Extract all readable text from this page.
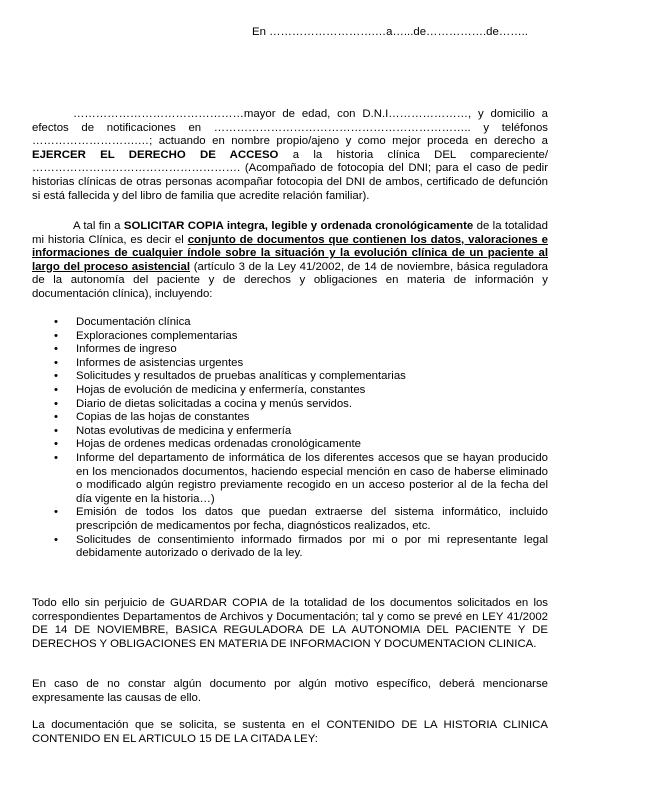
En ……………………….…a…...de…………….de……..
………………………………………mayor de edad, con D.N.I…………………, y domicilio a efectos de notificaciones en ………………………………………………………….. y teléfonos ……………………….…; actuando en nombre propio/ajeno y como mejor proceda en derecho a EJERCER EL DERECHO DE ACCESO a la historia clínica DEL compareciente/ ………………………………………………. (Acompañado de fotocopia del DNI; para el caso de pedir historias clínicas de otras personas acompañar fotocopia del DNI de ambos, certificado de defunción si está fallecida y del libro de familia que acredite relación familiar).
A tal fin a SOLICITAR COPIA integra, legible y ordenada cronológicamente de la totalidad mi historia Clínica, es decir el conjunto de documentos que contienen los datos, valoraciones e informaciones de cualquier índole sobre la situación y la evolución clínica de un paciente al largo del proceso asistencial (artículo 3 de la Ley 41/2002, de 14 de noviembre, básica reguladora de la autonomía del paciente y de derechos y obligaciones en materia de información y documentación clínica), incluyendo:
• Documentación clínica
• Exploraciones complementarias
• Informes de ingreso
• Informes de asistencias urgentes
• Solicitudes y resultados de pruebas analíticas y complementarias
• Hojas de evolución de medicina y enfermería, constantes
• Diario de dietas solicitadas a cocina y menús servidos.
• Copias de las hojas de constantes
• Notas evolutivas de medicina y enfermería
• Hojas de ordenes medicas ordenadas cronológicamente
• Informe del departamento de informática de los diferentes accesos que se hayan producido en los mencionados documentos, haciendo especial mención en caso de haberse eliminado o modificado algún registro previamente recogido en un acceso posterior al de la fecha del día vigente en la historia…)
• Emisión de todos los datos que puedan extraerse del sistema informático, incluido prescripción de medicamentos por fecha, diagnósticos realizados, etc.
• Solicitudes de consentimiento informado firmados por mi o por mi representante legal debidamente autorizado o derivado de la ley.
Todo ello sin perjuicio de GUARDAR COPIA de la totalidad de los documentos solicitados en los correspondientes Departamentos de Archivos y Documentación; tal y como se prevé en LEY 41/2002 DE 14 DE NOVIEMBRE, BASICA REGULADORA DE LA AUTONOMIA DEL PACIENTE Y DE DERECHOS Y OBLIGACIONES EN MATERIA DE INFORMACION Y DOCUMENTACION CLINICA.
En caso de no constar algún documento por algún motivo específico, deberá mencionarse expresamente las causas de ello.
La documentación que se solicita, se sustenta en el CONTENIDO DE LA HISTORIA CLINICA CONTENIDO EN EL ARTICULO 15 DE LA CITADA LEY:
